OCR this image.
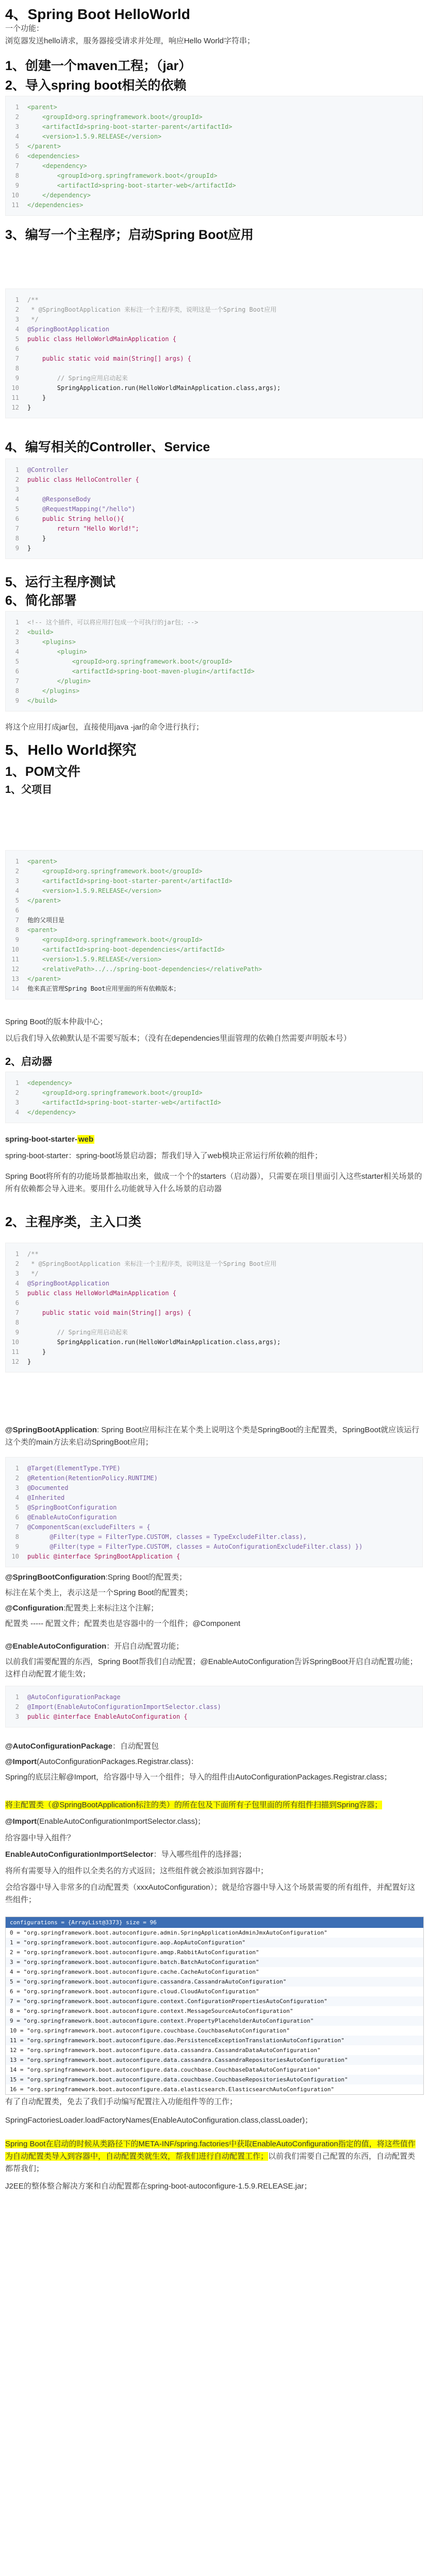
4、Spring Boot HelloWorld
一个功能：
浏览器发送hello请求，服务器接受请求并处理，响应Hello World字符串；
1、创建一个maven工程；（jar）
2、导入spring boot相关的依赖
1 <parent>
2    <groupId>org.springframework.boot</groupId>
3    <artifactId>spring-boot-starter-parent</artifactId>
4    <version>1.5.9.RELEASE</version>
5 </parent>
6 <dependencies>
7    <dependency>
8        <groupId>org.springframework.boot</groupId>
9        <artifactId>spring-boot-starter-web</artifactId>
10    </dependency>
11 </dependencies>
3、编写一个主程序；启动Spring Boot应用
1 /**
2 * @SpringBootApplication 来标注一个主程序类，说明这是一个Spring Boot应用
3 */
4 @SpringBootApplication
5 public class HelloWorldMainApplication {
6
7    public static void main(String[] args) {
8
9        // Spring应用启动起来
10        SpringApplication.run(HelloWorldMainApplication.class,args);
11    }
12 }
4、编写相关的Controller、Service
1 @Controller
2 public class HelloController {
3
4    @ResponseBody
5    @RequestMapping("/hello")
6    public String hello(){
7        return "Hello World!";
8    }
9 }
5、运行主程序测试
6、简化部署
1 <!-- 这个插件，可以将应用打包成一个可执行的jar包；-->
2 <build>
3    <plugins>
4        <plugin>
5            <groupId>org.springframework.boot</groupId>
6            <artifactId>spring-boot-maven-plugin</artifactId>
7        </plugin>
8    </plugins>
9 </build>
将这个应用打成jar包，直接使用java -jar的命令进行执行；
5、Hello World探究
1、POM文件
1、父项目
1 <parent>
2    <groupId>org.springframework.boot</groupId>
3    <artifactId>spring-boot-starter-parent</artifactId>
4    <version>1.5.9.RELEASE</version>
5 </parent>
6
7 他的父项目是
8 <parent>
9    <groupId>org.springframework.boot</groupId>
10    <artifactId>spring-boot-dependencies</artifactId>
11    <version>1.5.9.RELEASE</version>
12    <relativePath>../../spring-boot-dependencies</relativePath>
13 </parent>
14 他来真正管理Spring Boot应用里面的所有依赖版本；
Spring Boot的版本仲裁中心；
以后我们导入依赖默认是不需要写版本；（没有在dependencies里面管理的依赖自然需要声明版本号）
2、启动器
1 <dependency>
2    <groupId>org.springframework.boot</groupId>
3    <artifactId>spring-boot-starter-web</artifactId>
4 </dependency>
spring-boot-starter- web
spring-boot-starter：spring-boot场景启动器；帮我们导入了web模块正常运行所依赖的组件；
Spring Boot将所有的功能场景都抽取出来，做成一个个的starters（启动器），只需要在项目里面引入这些starter相关场景的所有依赖都会导入进来。要用什么功能就导入什么场景的启动器
2、主程序类，主入口类
1 /**
2 * @SpringBootApplication 来标注一个主程序类，说明这是一个Spring Boot应用
3 */
4 @SpringBootApplication
5 public class HelloWorldMainApplication {
6
7    public static void main(String[] args) {
8
9        // Spring应用启动起来
10        SpringApplication.run(HelloWorldMainApplication.class,args);
11    }
12 }
@SpringBootApplication: Spring Boot应用标注在某个类上说明这个类是SpringBoot的主配置类，SpringBoot就应该运行这个类的main方法来启动SpringBoot应用；
1 @Target(ElementType.TYPE)
2 @Retention(RetentionPolicy.RUNTIME)
3 @Documented
4 @Inherited
5 @SpringBootConfiguration
6 @EnableAutoConfiguration
7 @ComponentScan(excludeFilters = {
8      @Filter(type = FilterType.CUSTOM, classes = TypeExcludeFilter.class),
9      @Filter(type = FilterType.CUSTOM, classes = AutoConfigurationExcludeFilter.class) })
10 public @interface SpringBootApplication {
@SpringBootConfiguration:Spring Boot的配置类；
标注在某个类上，表示这是一个Spring Boot的配置类；
@Configuration:配置类上来标注这个注解；
配置类 ----- 配置文件；配置类也是容器中的一个组件；@Component
@EnableAutoConfiguration：开启自动配置功能；
以前我们需要配置的东西，Spring Boot帮我们自动配置；@EnableAutoConfiguration告诉SpringBoot开启自动配置功能；这样自动配置才能生效；
1 @AutoConfigurationPackage
2 @Import(EnableAutoConfigurationImportSelector.class)
3 public @interface EnableAutoConfiguration {
@AutoConfigurationPackage：自动配置包
@Import(AutoConfigurationPackages.Registrar.class)：
Spring的底层注解@Import，给容器中导入一个组件；导入的组件由AutoConfigurationPackages.Registrar.class；
将主配置类（@SpringBootApplication标注的类）的所在包及下面所有子包里面的所有组件扫描到Spring容器；
@Import(EnableAutoConfigurationImportSelector.class)；
给容器中导入组件？
EnableAutoConfigurationImportSelector：导入哪些组件的选择器；
将所有需要导入的组件以全类名的方式返回；这些组件就会被添加到容器中；
会给容器中导入非常多的自动配置类（xxxAutoConfiguration）；就是给容器中导入这个场景需要的所有组件，并配置好这些组件；
configurations = {ArrayList@3373} size = 96
0 = "org.springframework.boot.autoconfigure.admin.SpringApplicationAdminJmxAutoConfiguration"
1 = "org.springframework.boot.autoconfigure.aop.AopAutoConfiguration"
2 = "org.springframework.boot.autoconfigure.amqp.RabbitAutoConfiguration"
3 = "org.springframework.boot.autoconfigure.batch.BatchAutoConfiguration"
4 = "org.springframework.boot.autoconfigure.cache.CacheAutoConfiguration"
5 = "org.springframework.boot.autoconfigure.cassandra.CassandraAutoConfiguration"
6 = "org.springframework.boot.autoconfigure.cloud.CloudAutoConfiguration"
7 = "org.springframework.boot.autoconfigure.context.ConfigurationPropertiesAutoConfiguration"
8 = "org.springframework.boot.autoconfigure.context.MessageSourceAutoConfiguration"
9 = "org.springframework.boot.autoconfigure.context.PropertyPlaceholderAutoConfiguration"
10 = "org.springframework.boot.autoconfigure.couchbase.CouchbaseAutoConfiguration"
11 = "org.springframework.boot.autoconfigure.dao.PersistenceExceptionTranslationAutoConfiguration"
12 = "org.springframework.boot.autoconfigure.data.cassandra.CassandraDataAutoConfiguration"
13 = "org.springframework.boot.autoconfigure.data.cassandra.CassandraRepositoriesAutoConfiguration"
14 = "org.springframework.boot.autoconfigure.data.couchbase.CouchbaseDataAutoConfiguration"
15 = "org.springframework.boot.autoconfigure.data.couchbase.CouchbaseRepositoriesAutoConfiguration"
16 = "org.springframework.boot.autoconfigure.data.elasticsearch.ElasticsearchAutoConfiguration"
有了自动配置类，免去了我们手动编写配置注入功能组件等的工作；
SpringFactoriesLoader.loadFactoryNames(EnableAutoConfiguration.class,classLoader)；
Spring Boot在启动的时候从类路径下的META-INF/spring.factories中获取EnableAutoConfiguration指定的值，将这些值作为自动配置类导入到容器中，自动配置类就生效，帮我们进行自动配置工作；以前我们需要自己配置的东西，自动配置类都帮我们；
J2EE的整体整合解决方案和自动配置都在spring-boot-autoconfigure-1.5.9.RELEASE.jar；
